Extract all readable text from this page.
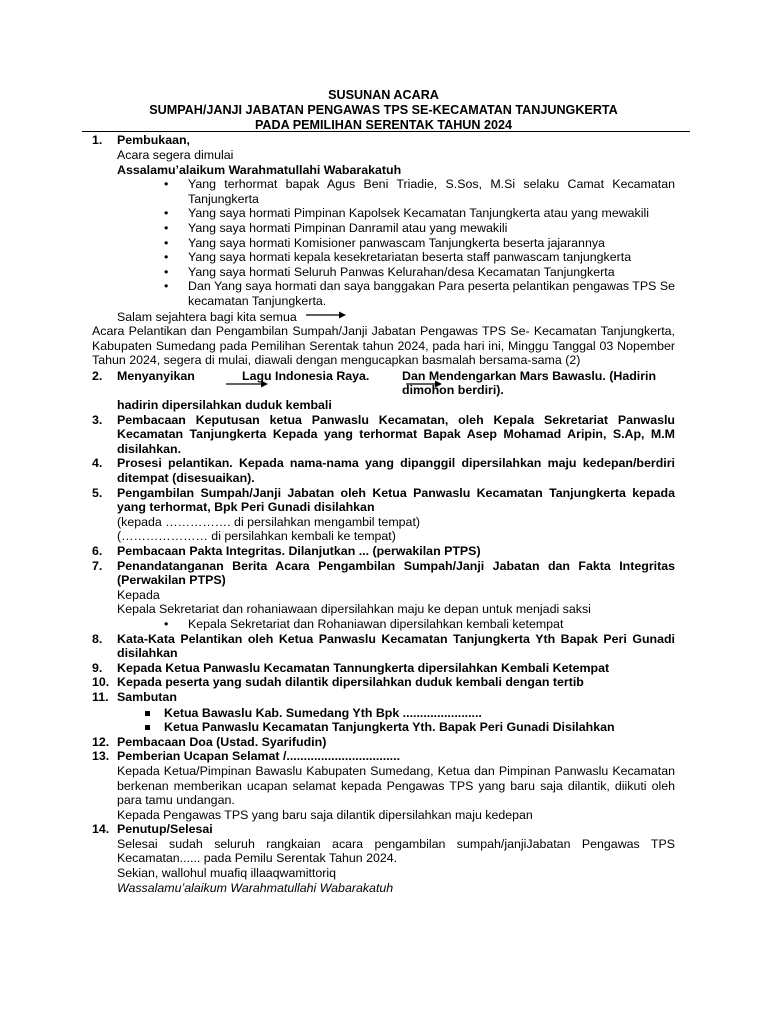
SUSUNAN ACARA

SUMPAH/JANJI JABATAN PENGAWAS TPS SE-KECAMATAN TANJUNGKERTA

PADA PEMILIHAN SERENTAK TAHUN 2024

1. Pembukaan,

Acara segera dimulai

Assalamu’alaikum Warahmatullahi Wabarakatuh

• Yang terhormat bapak Agus Beni Triadie, S.Sos, M.Si selaku Camat Kecamatan Tanjungkerta
• Yang saya hormati Pimpinan Kapolsek Kecamatan Tanjungkerta atau yang mewakili
• Yang saya hormati Pimpinan Danramil atau yang mewakili
• Yang saya hormati Komisioner panwascam Tanjungkerta beserta jajarannya
• Yang saya hormati kepala kesekretariatan beserta staff panwascam tanjungkerta
• Yang saya hormati Seluruh Panwas Kelurahan/desa Kecamatan Tanjungkerta
• Dan Yang saya hormati dan saya banggakan Para peserta pelantikan pengawas TPS Se kecamatan Tanjungkerta.

Salam sejahtera bagi kita semua

Acara Pelantikan dan Pengambilan Sumpah/Janji Jabatan Pengawas TPS Se- Kecamatan Tanjungkerta, Kabupaten Sumedang pada Pemilihan Serentak tahun 2024, pada hari ini, Minggu Tanggal 03 Nopember Tahun 2024, segera di mulai, diawali dengan mengucapkan basmalah bersama-sama (2)

2. Menyanyikan	Lagu Indonesia Raya.	Dan Mendengarkan Mars Bawaslu. (Hadirin dimohon berdiri).

hadirin dipersilahkan duduk kembali

3. Pembacaan Keputusan ketua Panwaslu Kecamatan, oleh Kepala Sekretariat Panwaslu Kecamatan Tanjungkerta Kepada yang terhormat Bapak Asep Mohamad Aripin, S.Ap, M.M disilahkan.

4. Prosesi pelantikan. Kepada nama-nama yang dipanggil dipersilahkan maju kedepan/berdiri ditempat (disesuaikan).

5. Pengambilan Sumpah/Janji Jabatan oleh Ketua Panwaslu Kecamatan Tanjungkerta kepada yang terhormat, Bpk Peri Gunadi disilahkan

(kepada ……………. di persilahkan mengambil tempat)

(………………… di persilahkan kembali ke tempat)

6. Pembacaan Pakta Integritas. Dilanjutkan ... (perwakilan PTPS)

7. Penandatanganan Berita Acara Pengambilan Sumpah/Janji Jabatan dan Fakta Integritas (Perwakilan PTPS)

Kepada

Kepala Sekretariat dan rohaniawaan dipersilahkan maju ke depan untuk menjadi saksi

• Kepala Sekretariat dan Rohaniawan dipersilahkan kembali ketempat
8. Kata-Kata Pelantikan oleh Ketua Panwaslu Kecamatan Tanjungkerta Yth Bapak Peri Gunadi disilahkan

9. Kepada Ketua Panwaslu Kecamatan Tannungkerta dipersilahkan Kembali Ketempat

10. Kepada peserta yang sudah dilantik dipersilahkan duduk kembali dengan tertib

11. Sambutan

Ketua Bawaslu Kab. Sumedang Yth Bpk .......................
Ketua Panwaslu Kecamatan Tanjungkerta Yth. Bapak Peri Gunadi Disilahkan
12. Pembacaan Doa (Ustad. Syarifudin)

13. Pemberian Ucapan Selamat /.................................

Kepada Ketua/Pimpinan Bawaslu Kabupaten Sumedang, Ketua dan Pimpinan Panwaslu Kecamatan berkenan memberikan ucapan selamat kepada Pengawas TPS yang baru saja dilantik, diikuti oleh para tamu undangan.

Kepada Pengawas TPS yang baru saja dilantik dipersilahkan maju kedepan

14. Penutup/Selesai

Selesai sudah seluruh rangkaian acara pengambilan sumpah/janjiJabatan Pengawas TPS Kecamatan...... pada Pemilu Serentak Tahun 2024.

Sekian, wallohul muafiq illaaqwamittoriq

Wassalamu’alaikum Warahmatullahi Wabarakatuh
